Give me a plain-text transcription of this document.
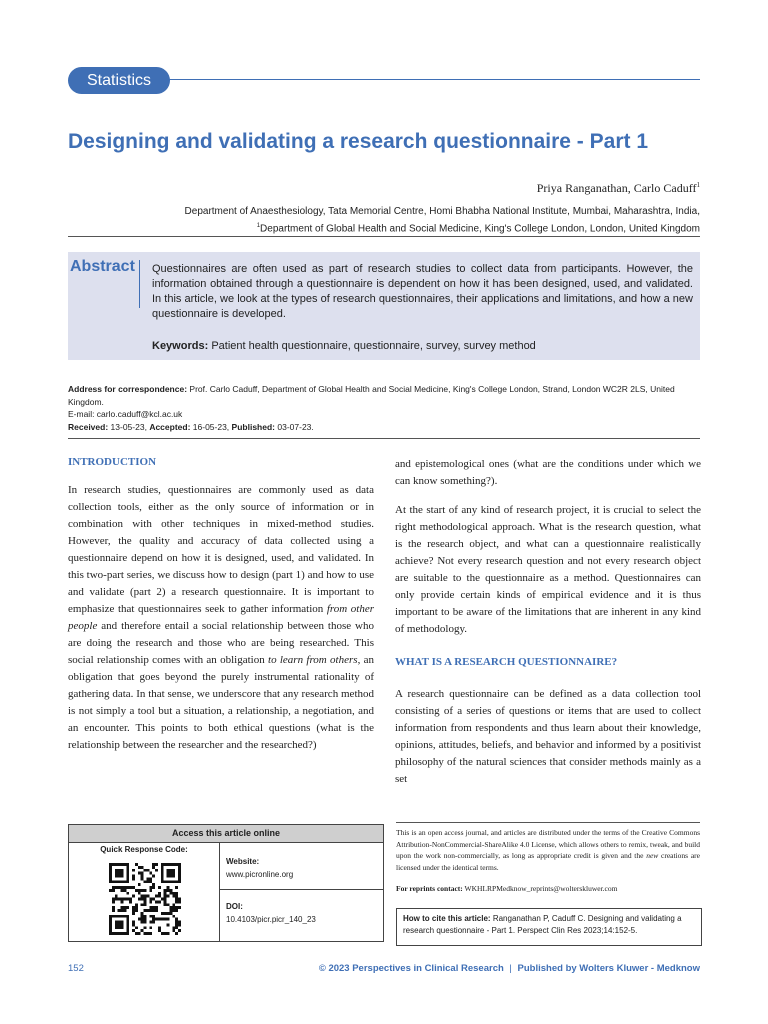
Statistics
Designing and validating a research questionnaire - Part 1
Priya Ranganathan, Carlo Caduff$^1$
Department of Anaesthesiology, Tata Memorial Centre, Homi Bhabha National Institute, Mumbai, Maharashtra, India,
$^1$Department of Global Health and Social Medicine, King's College London, London, United Kingdom
Abstract Questionnaires are often used as part of research studies to collect data from participants. However, the information obtained through a questionnaire is dependent on how it has been designed, used, and validated. In this article, we look at the types of research questionnaires, their applications and limitations, and how a new questionnaire is developed.
Keywords: Patient health questionnaire, questionnaire, survey, survey method
Address for correspondence: Prof. Carlo Caduff, Department of Global Health and Social Medicine, King's College London, Strand, London WC2R 2LS, United Kingdom.
E-mail: carlo.caduff@kcl.ac.uk
Received: 13-05-23, Accepted: 16-05-23, Published: 03-07-23.
INTRODUCTION

In research studies, questionnaires are commonly used as data collection tools, either as the only source of information or in combination with other techniques in mixed-method studies. However, the quality and accuracy of data collected using a questionnaire depend on how it is designed, used, and validated. In this two-part series, we discuss how to design (part 1) and how to use and validate (part 2) a research questionnaire. It is important to emphasize that questionnaires seek to gather information from other people and therefore entail a social relationship between those who are doing the research and those who are being researched. This social relationship comes with an obligation to learn from others, an obligation that goes beyond the purely instrumental rationality of gathering data. In that sense, we underscore that any research method is not simply a tool but a situation, a relationship, a negotiation, and an encounter. This points to both ethical questions (what is the relationship between the researcher and the researched?)

and epistemological ones (what are the conditions under which we can know something?).

At the start of any kind of research project, it is crucial to select the right methodological approach. What is the research question, what is the research object, and what can a questionnaire realistically achieve? Not every research question and not every research object are suitable to the questionnaire as a method. Questionnaires can only provide certain kinds of empirical evidence and it is thus important to be aware of the limitations that are inherent in any kind of methodology.

WHAT IS A RESEARCH QUESTIONNAIRE?

A research questionnaire can be defined as a data collection tool consisting of a series of questions or items that are used to collect information from respondents and thus learn about their knowledge, opinions, attitudes, beliefs, and behavior and informed by a positivist philosophy of the natural sciences that consider methods mainly as a set

Access this article online
Quick Response Code:
Website:
www.picronline.org
DOI:
10.4103/picr.picr_140_23
This is an open access journal, and articles are distributed under the terms of the Creative Commons Attribution-NonCommercial-ShareAlike 4.0 License, which allows others to remix, tweak, and build upon the work non-commercially, as long as appropriate credit is given and the new creations are licensed under the identical terms.
For reprints contact: WKHLRPMedknow_reprints@wolterskluwer.com
How to cite this article: Ranganathan P, Caduff C. Designing and validating a research questionnaire - Part 1. Perspect Clin Res 2023;14:152-5.
152	© 2023 Perspectives in Clinical Research | Published by Wolters Kluwer - Medknow
